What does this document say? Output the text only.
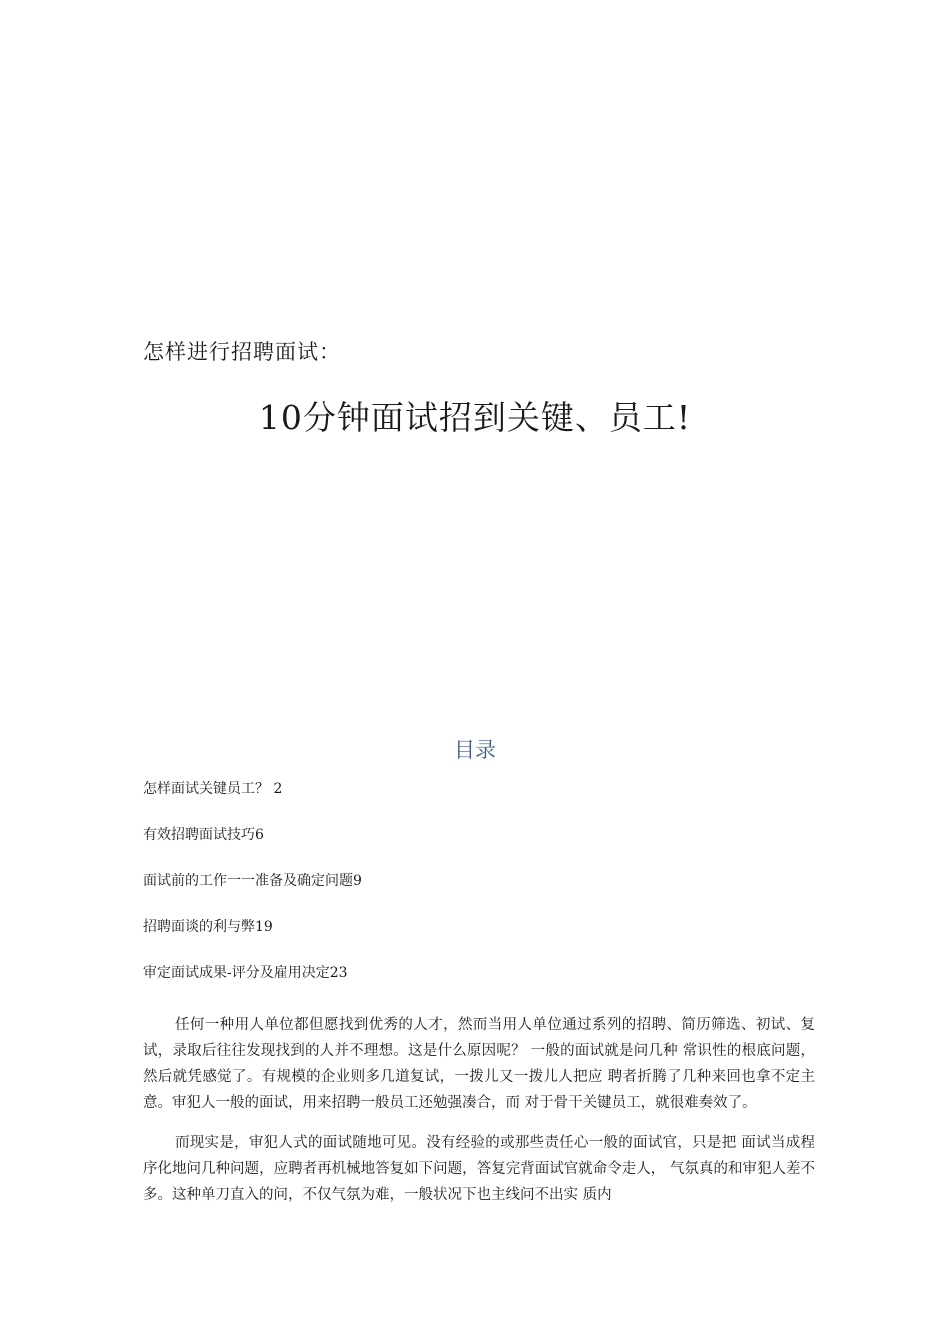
怎样进行招聘面试：
10分钟面试招到关键、员工!
目录
怎样面试关键员工？ 2
有效招聘面试技巧6
面试前的工作一一准备及确定问题9
招聘面谈的利与弊19
审定面试成果-评分及雇用决定23

任何一种用人单位都但愿找到优秀的人才，然而当用人单位通过系列的招聘、简历筛选、初试、复试，录取后往往发现找到的人并不理想。这是什么原因呢？ 一般的面试就是问几种 常识性的根底问题，然后就凭感觉了。有规模的企业则多几道复试，一拨儿又一拨儿人把应 聘者折腾了几种来回也拿不定主意。审犯人一般的面试，用来招聘一般员工还勉强凑合，而 对于骨干关键员工，就很难奏效了。

而现实是，审犯人式的面试随地可见。没有经验的或那些责任心一般的面试官，只是把 面试当成程序化地问几种问题，应聘者再机械地答复如下问题，答复完背面试官就命令走人， 气氛真的和审犯人差不多。这种单刀直入的问，不仅气氛为难，一般状况下也主线问不出实 质内
